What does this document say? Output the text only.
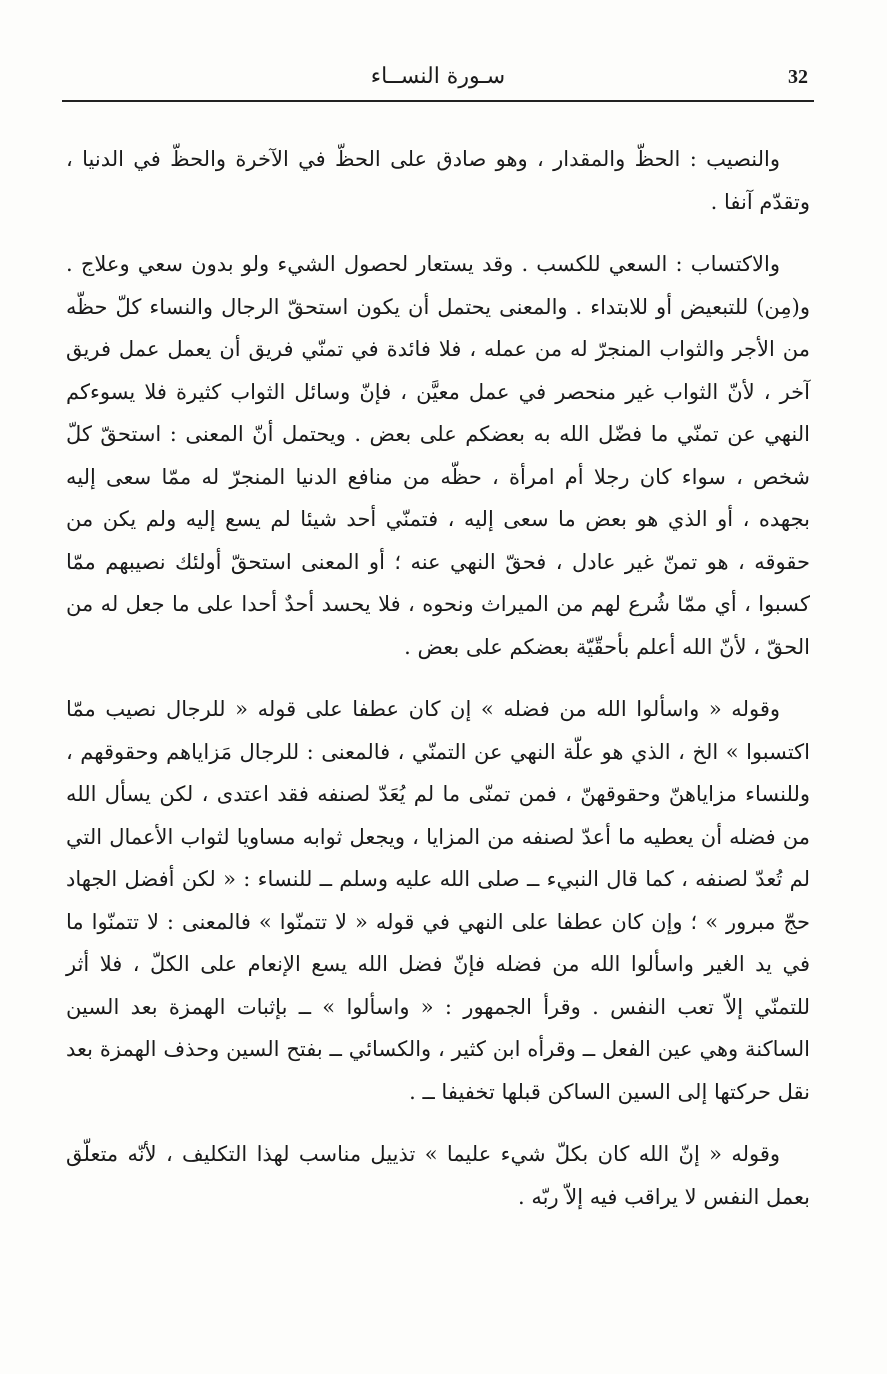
32
سـورة النســاء

والنصيب : الحظّ والمقدار ، وهو صادق على الحظّ في الآخرة والحظّ في الدنيا ، وتقدّم آنفا .

والاكتساب : السعي للكسب . وقد يستعار لحصول الشيء ولو بدون سعي وعلاج . و(مِن) للتبعيض أو للابتداء . والمعنى يحتمل أن يكون استحقّ الرجال والنساء كلّ حظّه من الأجر والثواب المنجرّ له من عمله ، فلا فائدة في تمنّي فريق أن يعمل عمل فريق آخر ، لأنّ الثواب غير منحصر في عمل معيَّن ، فإنّ وسائل الثواب كثيرة فلا يسوءكم النهي عن تمنّي ما فضّل الله به بعضكم على بعض . ويحتمل أنّ المعنى : استحقّ كلّ شخص ، سواء كان رجلا أم امرأة ، حظّه من منافع الدنيا المنجرّ له ممّا سعى إليه بجهده ، أو الذي هو بعض ما سعى إليه ، فتمنّي أحد شيئا لم يسع إليه ولم يكن من حقوقه ، هو تمنّ غير عادل ، فحقّ النهي عنه ؛ أو المعنى استحقّ أولئك نصيبهم ممّا كسبوا ، أي ممّا شُرع لهم من الميراث ونحوه ، فلا يحسد أحدٌ أحدا على ما جعل له من الحقّ ، لأنّ الله أعلم بأحقّيّة بعضكم على بعض .

وقوله « واسألوا الله من فضله » إن كان عطفا على قوله « للرجال نصيب ممّا اكتسبوا » الخ ، الذي هو علّة النهي عن التمنّي ، فالمعنى : للرجال مَزاياهم وحقوقهم ، وللنساء مزاياهنّ وحقوقهنّ ، فمن تمنّى ما لم يُعَدّ لصنفه فقد اعتدى ، لكن يسأل الله من فضله أن يعطيه ما أعدّ لصنفه من المزايا ، ويجعل ثوابه مساويا لثواب الأعمال التي لم تُعدّ لصنفه ، كما قال النبيء ــ صلى الله عليه وسلم ــ للنساء : « لكن أفضل الجهاد حجّ مبرور » ؛ وإن كان عطفا على النهي في قوله « لا تتمنّوا » فالمعنى : لا تتمنّوا ما في يد الغير واسألوا الله من فضله فإنّ فضل الله يسع الإنعام على الكلّ ، فلا أثر للتمنّي إلاّ تعب النفس . وقرأ الجمهور : « واسألوا » ــ بإثبات الهمزة بعد السين الساكنة وهي عين الفعل ــ وقرأه ابن كثير ، والكسائي ــ بفتح السين وحذف الهمزة بعد نقل حركتها إلى السين الساكن قبلها تخفيفا ــ .

وقوله « إنّ الله كان بكلّ شيء عليما » تذييل مناسب لهذا التكليف ، لأنّه متعلّق بعمل النفس لا يراقب فيه إلاّ ربّه .
